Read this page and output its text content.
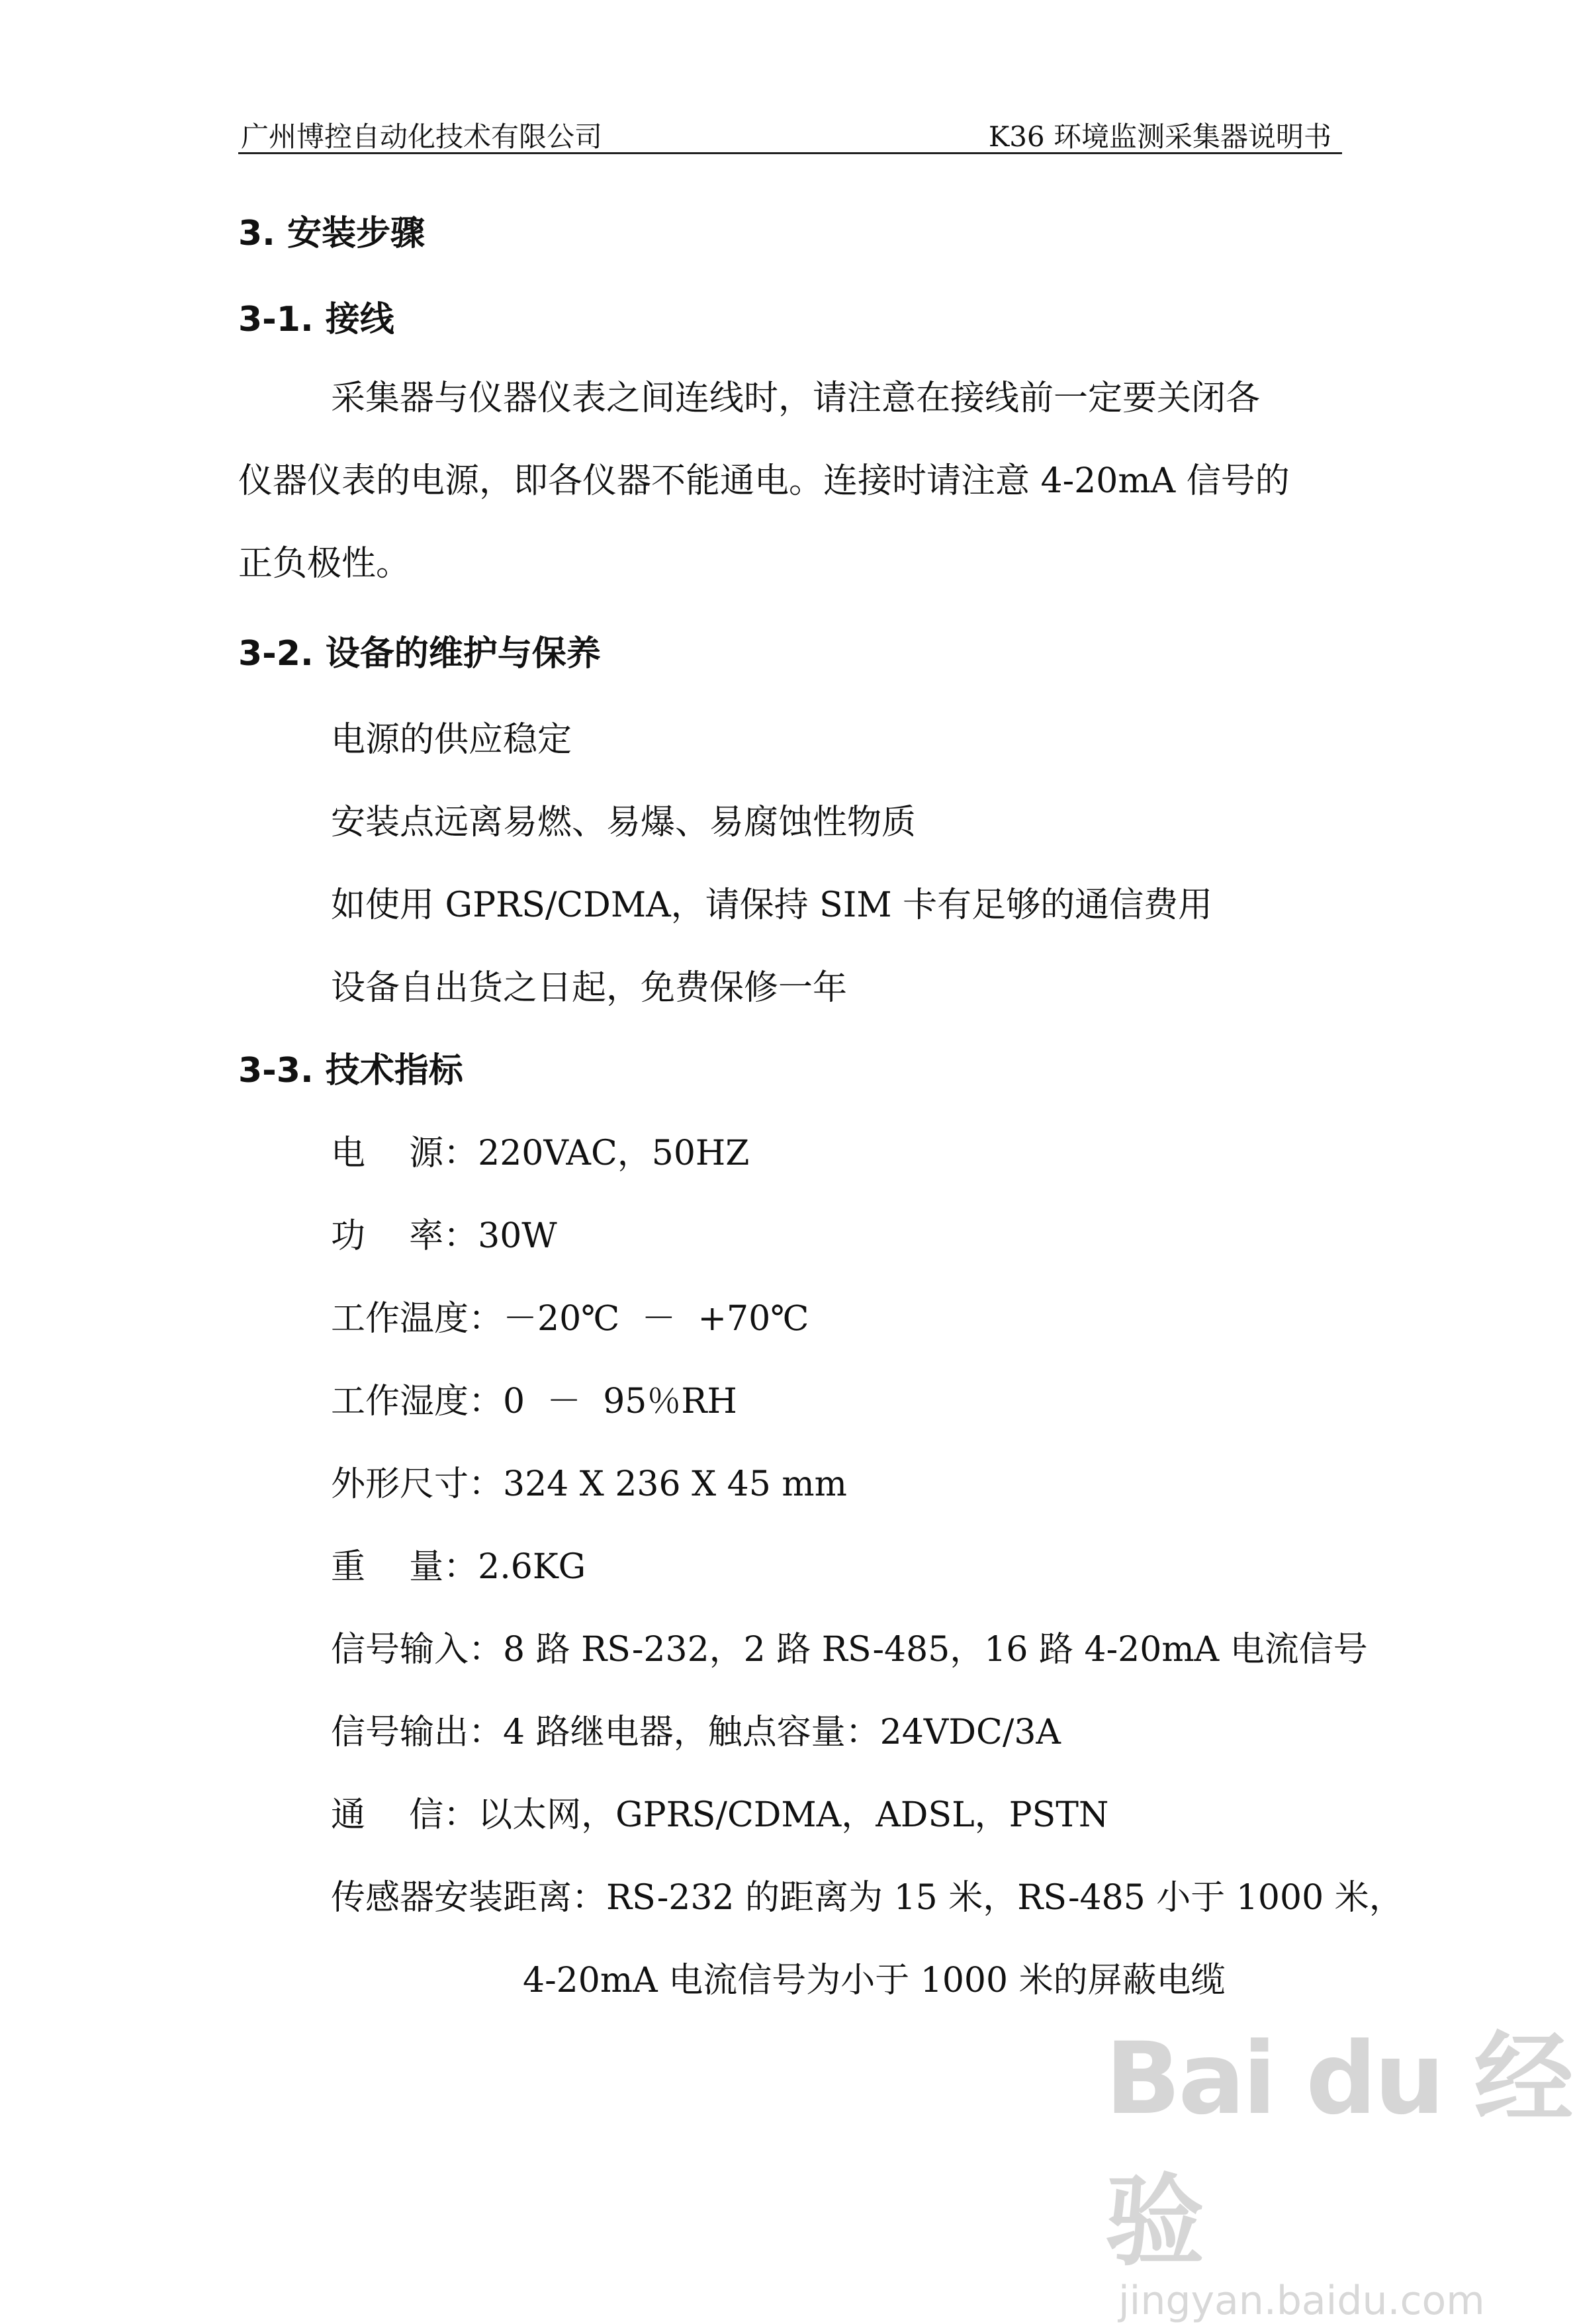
广州博控自动化技术有限公司	K36 环境监测采集器说明书
3. 安装步骤
3-1. 接线
采集器与仪器仪表之间连线时，请注意在接线前一定要关闭各
仪器仪表的电源，即各仪器不能通电。连接时请注意 4-20mA 信号的
正负极性。
3-2. 设备的维护与保养
电源的供应稳定
安装点远离易燃、易爆、易腐蚀性物质
如使用 GPRS/CDMA，请保持 SIM 卡有足够的通信费用
设备自出货之日起，免费保修一年
3-3. 技术指标
电    源：220VAC，50HZ
功    率：30W
工作温度：－20℃  －  +70℃
工作湿度：0  －  95％RH
外形尺寸：324 X 236 X 45 mm
重    量：2.6KG
信号输入：8 路 RS-232，2 路 RS-485，16 路 4-20mA 电流信号
信号输出：4 路继电器，触点容量：24VDC/3A
通    信：以太网，GPRS/CDMA，ADSL，PSTN
传感器安装距离：RS-232 的距离为 15 米，RS-485 小于 1000 米，
4-20mA 电流信号为小于 1000 米的屏蔽电缆
Bai du 经验
jingyan.baidu.com
